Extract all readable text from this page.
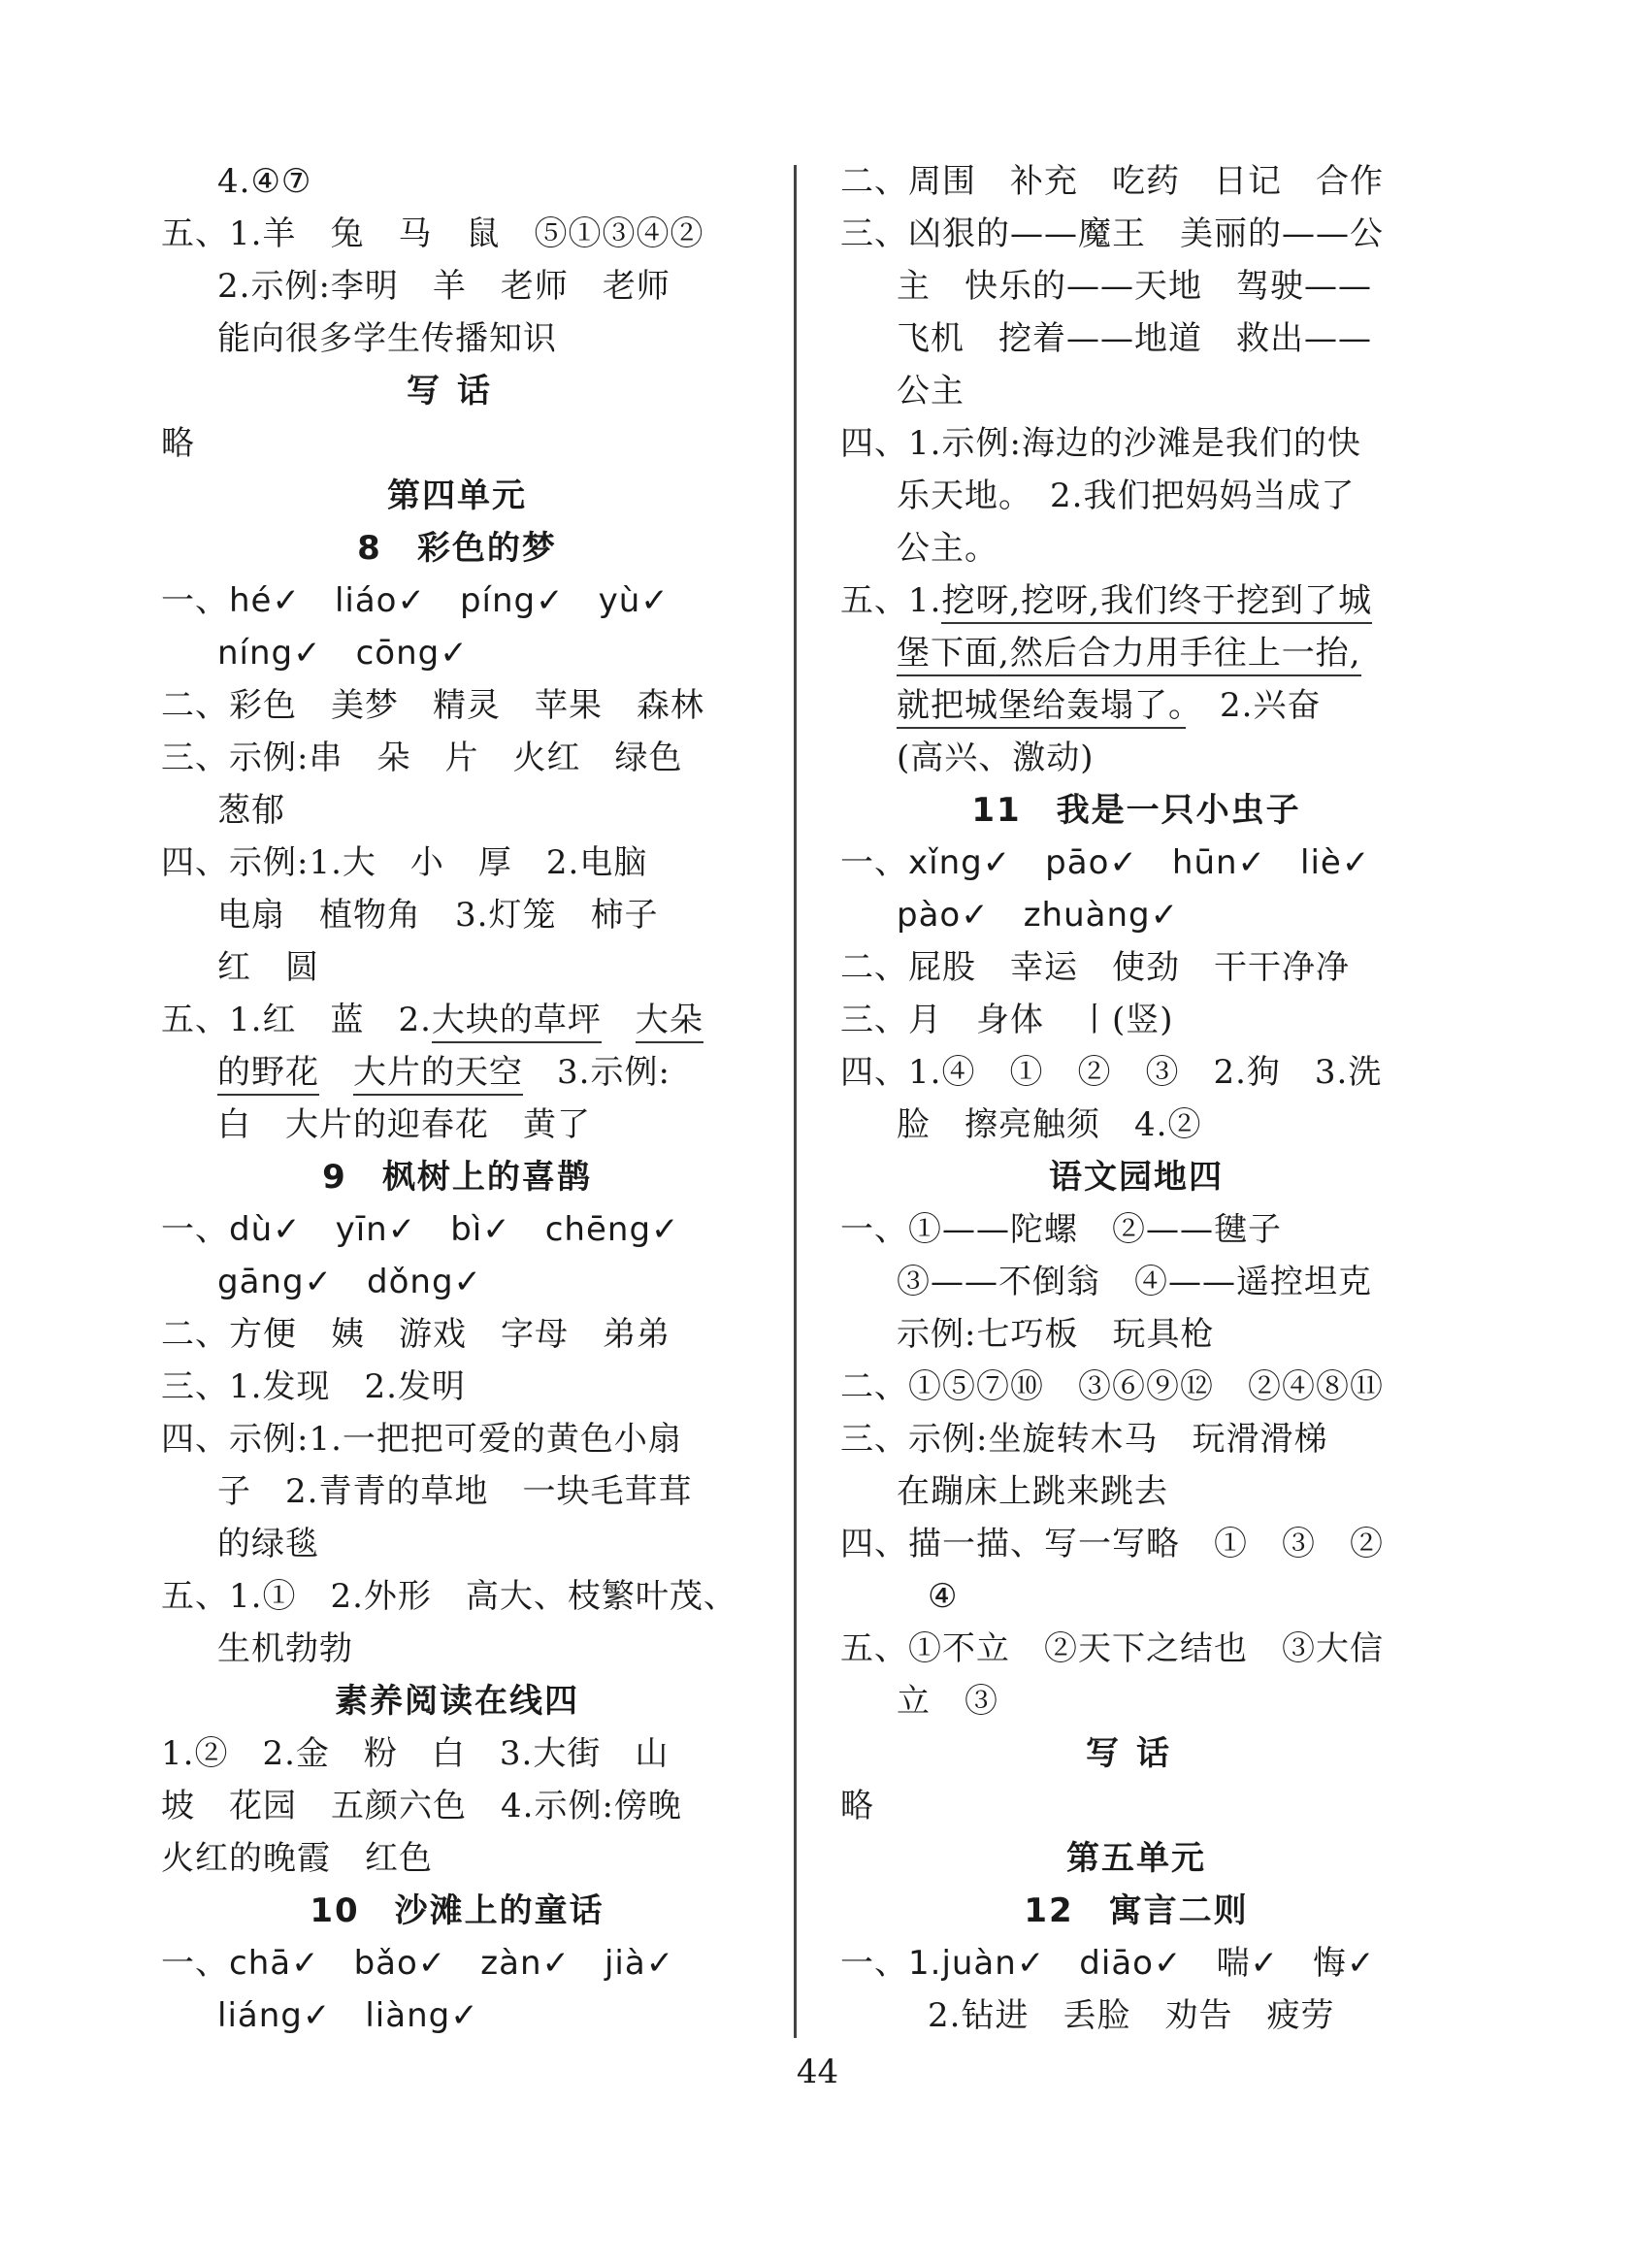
4.④⑦
五、1.羊　兔　马　鼠　⑤①③④②
2.示例:李明　羊　老师　老师
能向很多学生传播知识
写话
略
第四单元
8　彩色的梦
一、hé✓　liáo✓　píng✓　yù✓
níng✓　cōng✓
二、彩色　美梦　精灵　苹果　森林
三、示例:串　朵　片　火红　绿色
葱郁
四、示例:1.大　小　厚　2.电脑
电扇　植物角　3.灯笼　柿子
红　圆
五、1.红　蓝　2.大块的草坪　 大朵
的野花　 大片的天空　3.示例:
白　大片的迎春花　黄了
9　枫树上的喜鹊
一、dù✓　yīn✓　bì✓　chēng✓
gāng✓　dǒng✓
二、方便　姨　游戏　字母　弟弟
三、1.发现　2.发明
四、示例:1.一把把可爱的黄色小扇
子　2.青青的草地　一块毛茸茸
的绿毯
五、1.①　2.外形　高大、枝繁叶茂、
生机勃勃
素养阅读在线四
1.②　2.金　粉　白　3.大街　山
坡　花园　五颜六色　4.示例:傍晚
火红的晚霞　红色
10　沙滩上的童话
一、chā✓　bǎo✓　zàn✓　jià✓
liáng✓　liàng✓
二、周围　补充　吃药　日记　合作
三、凶狠的——魔王　美丽的——公
主　快乐的——天地　驾驶——
飞机　挖着——地道　救出——
公主
四、1.示例:海边的沙滩是我们的快
乐天地。　2.我们把妈妈当成了
公主。
五、1.挖呀,挖呀,我们终于挖到了城
堡下面,然后合力用手往上一抬,
就把城堡给轰塌了。　2.兴奋
(高兴、激动)
11　我是一只小虫子
一、xǐng✓　pāo✓　hūn✓　liè✓
pào✓　zhuàng✓
二、屁股　幸运　使劲　干干净净
三、月　身体　丨(竖)
四、1.④　①　②　③　2.狗　3.洗
脸　擦亮触须　4.②
语文园地四
一、①——陀螺　②——毽子
③——不倒翁　④——遥控坦克
示例:七巧板　玩具枪
二、①⑤⑦⑩　③⑥⑨⑫　②④⑧⑪
三、示例:坐旋转木马　玩滑滑梯
在蹦床上跳来跳去
四、描一描、写一写略　①　③　②
④
五、①不立　②天下之结也　③大信
立　③
写话
略
第五单元
12　寓言二则
一、1.juàn✓　diāo✓　喘✓　悔✓
2.钻进　丢脸　劝告　疲劳
44
